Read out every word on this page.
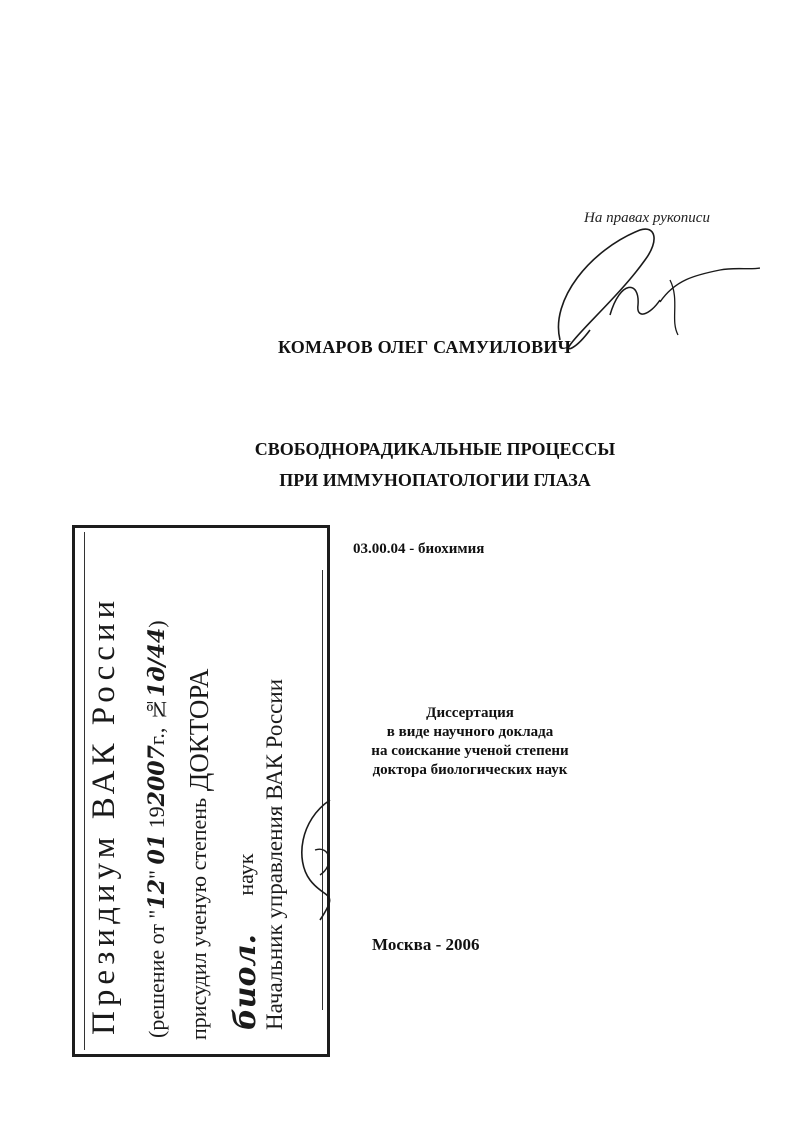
На правах рукописи
КОМАРОВ ОЛЕГ САМУИЛОВИЧ
СВОБОДНОРАДИКАЛЬНЫЕ ПРОЦЕССЫ
ПРИ ИММУНОПАТОЛОГИИ ГЛАЗА
03.00.04 - биохимия
Диссертация
в виде научного доклада
на соискание ученой степени
доктора биологических наук
Москва - 2006
Президиум ВАК России (решение от "12" 01 192007г., №1д/44)
присудил ученую степень ДОКТОРА
биол.       наук Начальник управления ВАК России
